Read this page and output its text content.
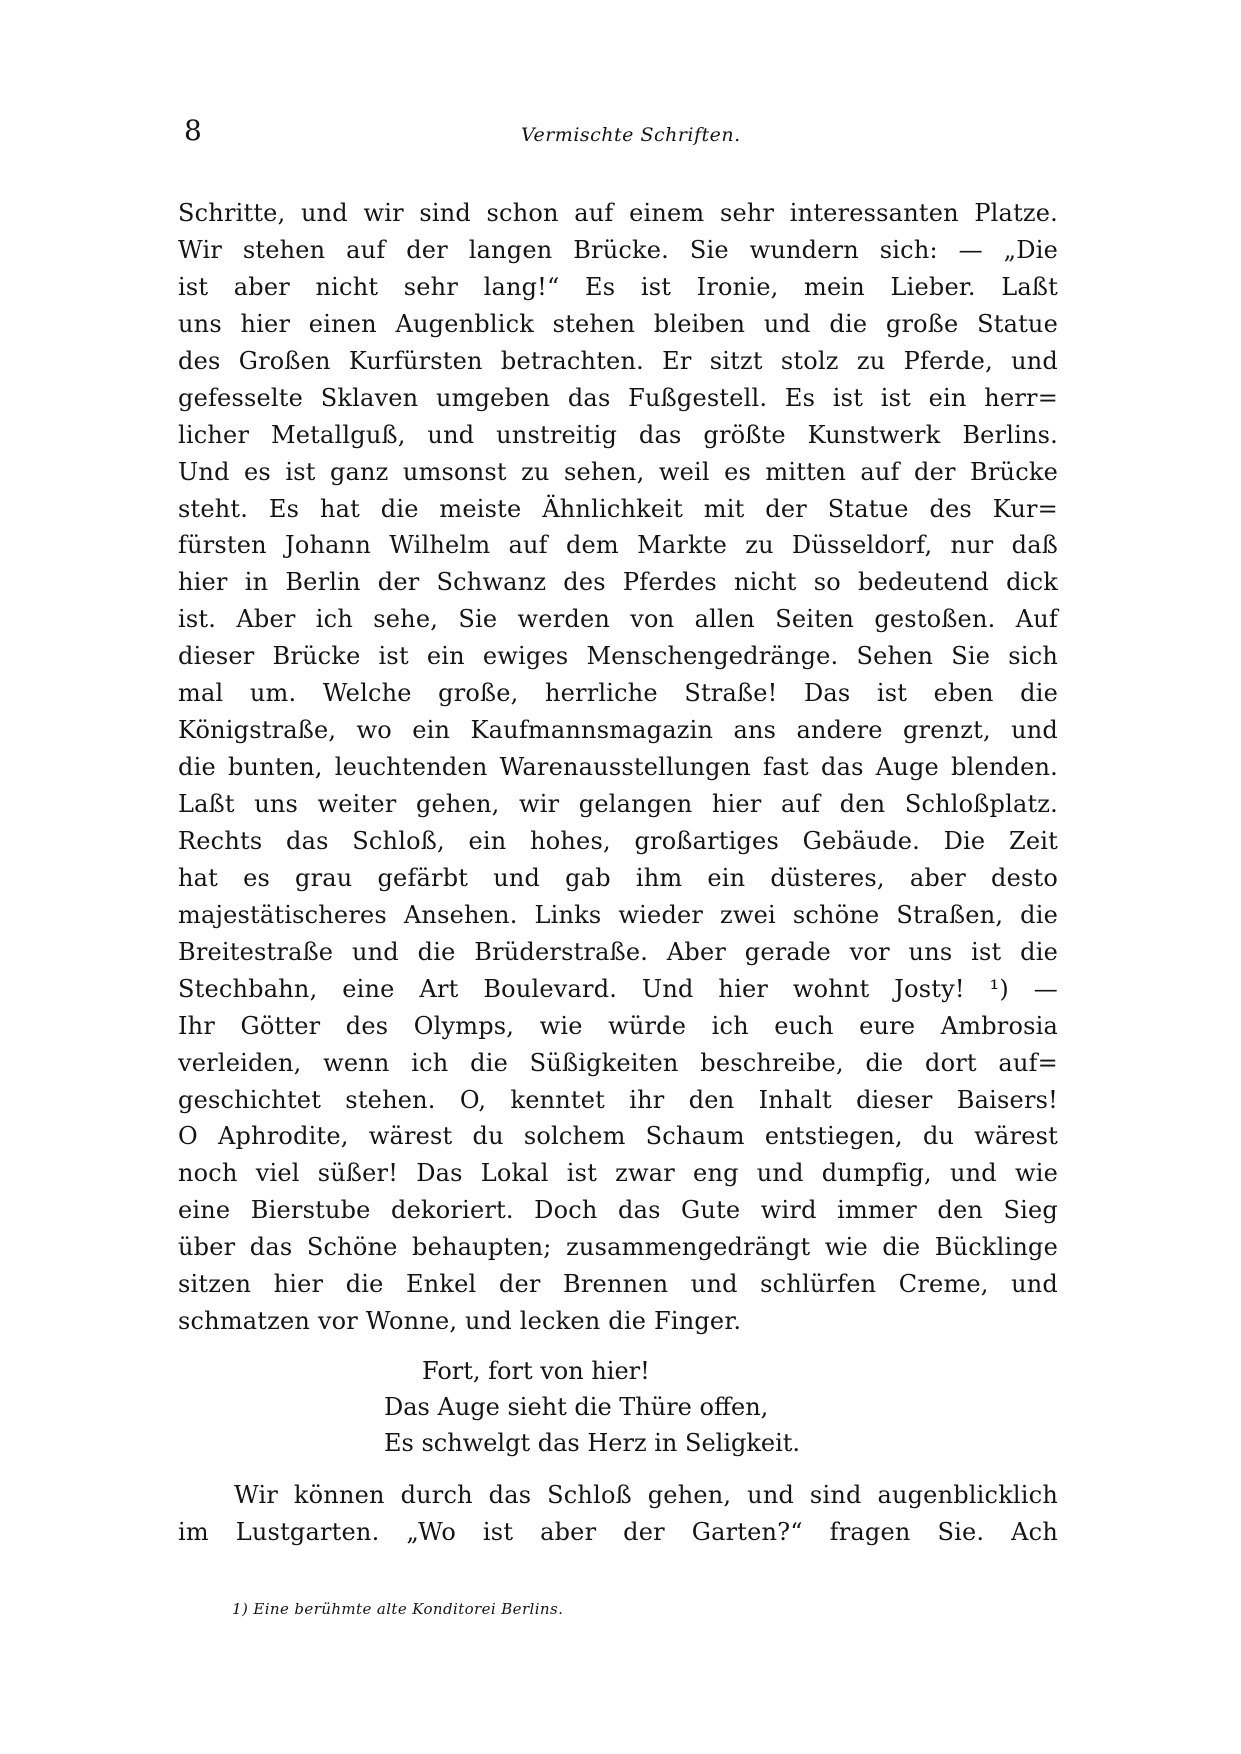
8	Vermischte Schriften.
Schritte, und wir sind schon auf einem sehr interessanten Platze.
Wir stehen auf der langen Brücke. Sie wundern sich: — „Die
ist aber nicht sehr lang!“ Es ist Ironie, mein Lieber. Laßt
uns hier einen Augenblick stehen bleiben und die große Statue
des Großen Kurfürsten betrachten. Er sitzt stolz zu Pferde, und
gefesselte Sklaven umgeben das Fußgestell. Es ist ist ein herr=
licher Metallguß, und unstreitig das größte Kunstwerk Berlins.
Und es ist ganz umsonst zu sehen, weil es mitten auf der Brücke
steht. Es hat die meiste Ähnlichkeit mit der Statue des Kur=
fürsten Johann Wilhelm auf dem Markte zu Düsseldorf, nur daß
hier in Berlin der Schwanz des Pferdes nicht so bedeutend dick
ist. Aber ich sehe, Sie werden von allen Seiten gestoßen. Auf
dieser Brücke ist ein ewiges Menschengedränge. Sehen Sie sich
mal um. Welche große, herrliche Straße! Das ist eben die
Königstraße, wo ein Kaufmannsmagazin ans andere grenzt, und
die bunten, leuchtenden Warenausstellungen fast das Auge blenden.
Laßt uns weiter gehen, wir gelangen hier auf den Schloßplatz.
Rechts das Schloß, ein hohes, großartiges Gebäude. Die Zeit
hat es grau gefärbt und gab ihm ein düsteres, aber desto
majestätischeres Ansehen. Links wieder zwei schöne Straßen, die
Breitestraße und die Brüderstraße. Aber gerade vor uns ist die
Stechbahn, eine Art Boulevard. Und hier wohnt Josty! ¹) —
Ihr Götter des Olymps, wie würde ich euch eure Ambrosia
verleiden, wenn ich die Süßigkeiten beschreibe, die dort auf=
geschichtet stehen. O, kenntet ihr den Inhalt dieser Baisers!
O Aphrodite, wärest du solchem Schaum entstiegen, du wärest
noch viel süßer! Das Lokal ist zwar eng und dumpfig, und wie
eine Bierstube dekoriert. Doch das Gute wird immer den Sieg
über das Schöne behaupten; zusammengedrängt wie die Bücklinge
sitzen hier die Enkel der Brennen und schlürfen Creme, und
schmatzen vor Wonne, und lecken die Finger.
Fort, fort von hier!
Das Auge sieht die Thüre offen,
Es schwelgt das Herz in Seligkeit.
Wir können durch das Schloß gehen, und sind augenblicklich
im Lustgarten. „Wo ist aber der Garten?“ fragen Sie. Ach
1) Eine berühmte alte Konditorei Berlins.
